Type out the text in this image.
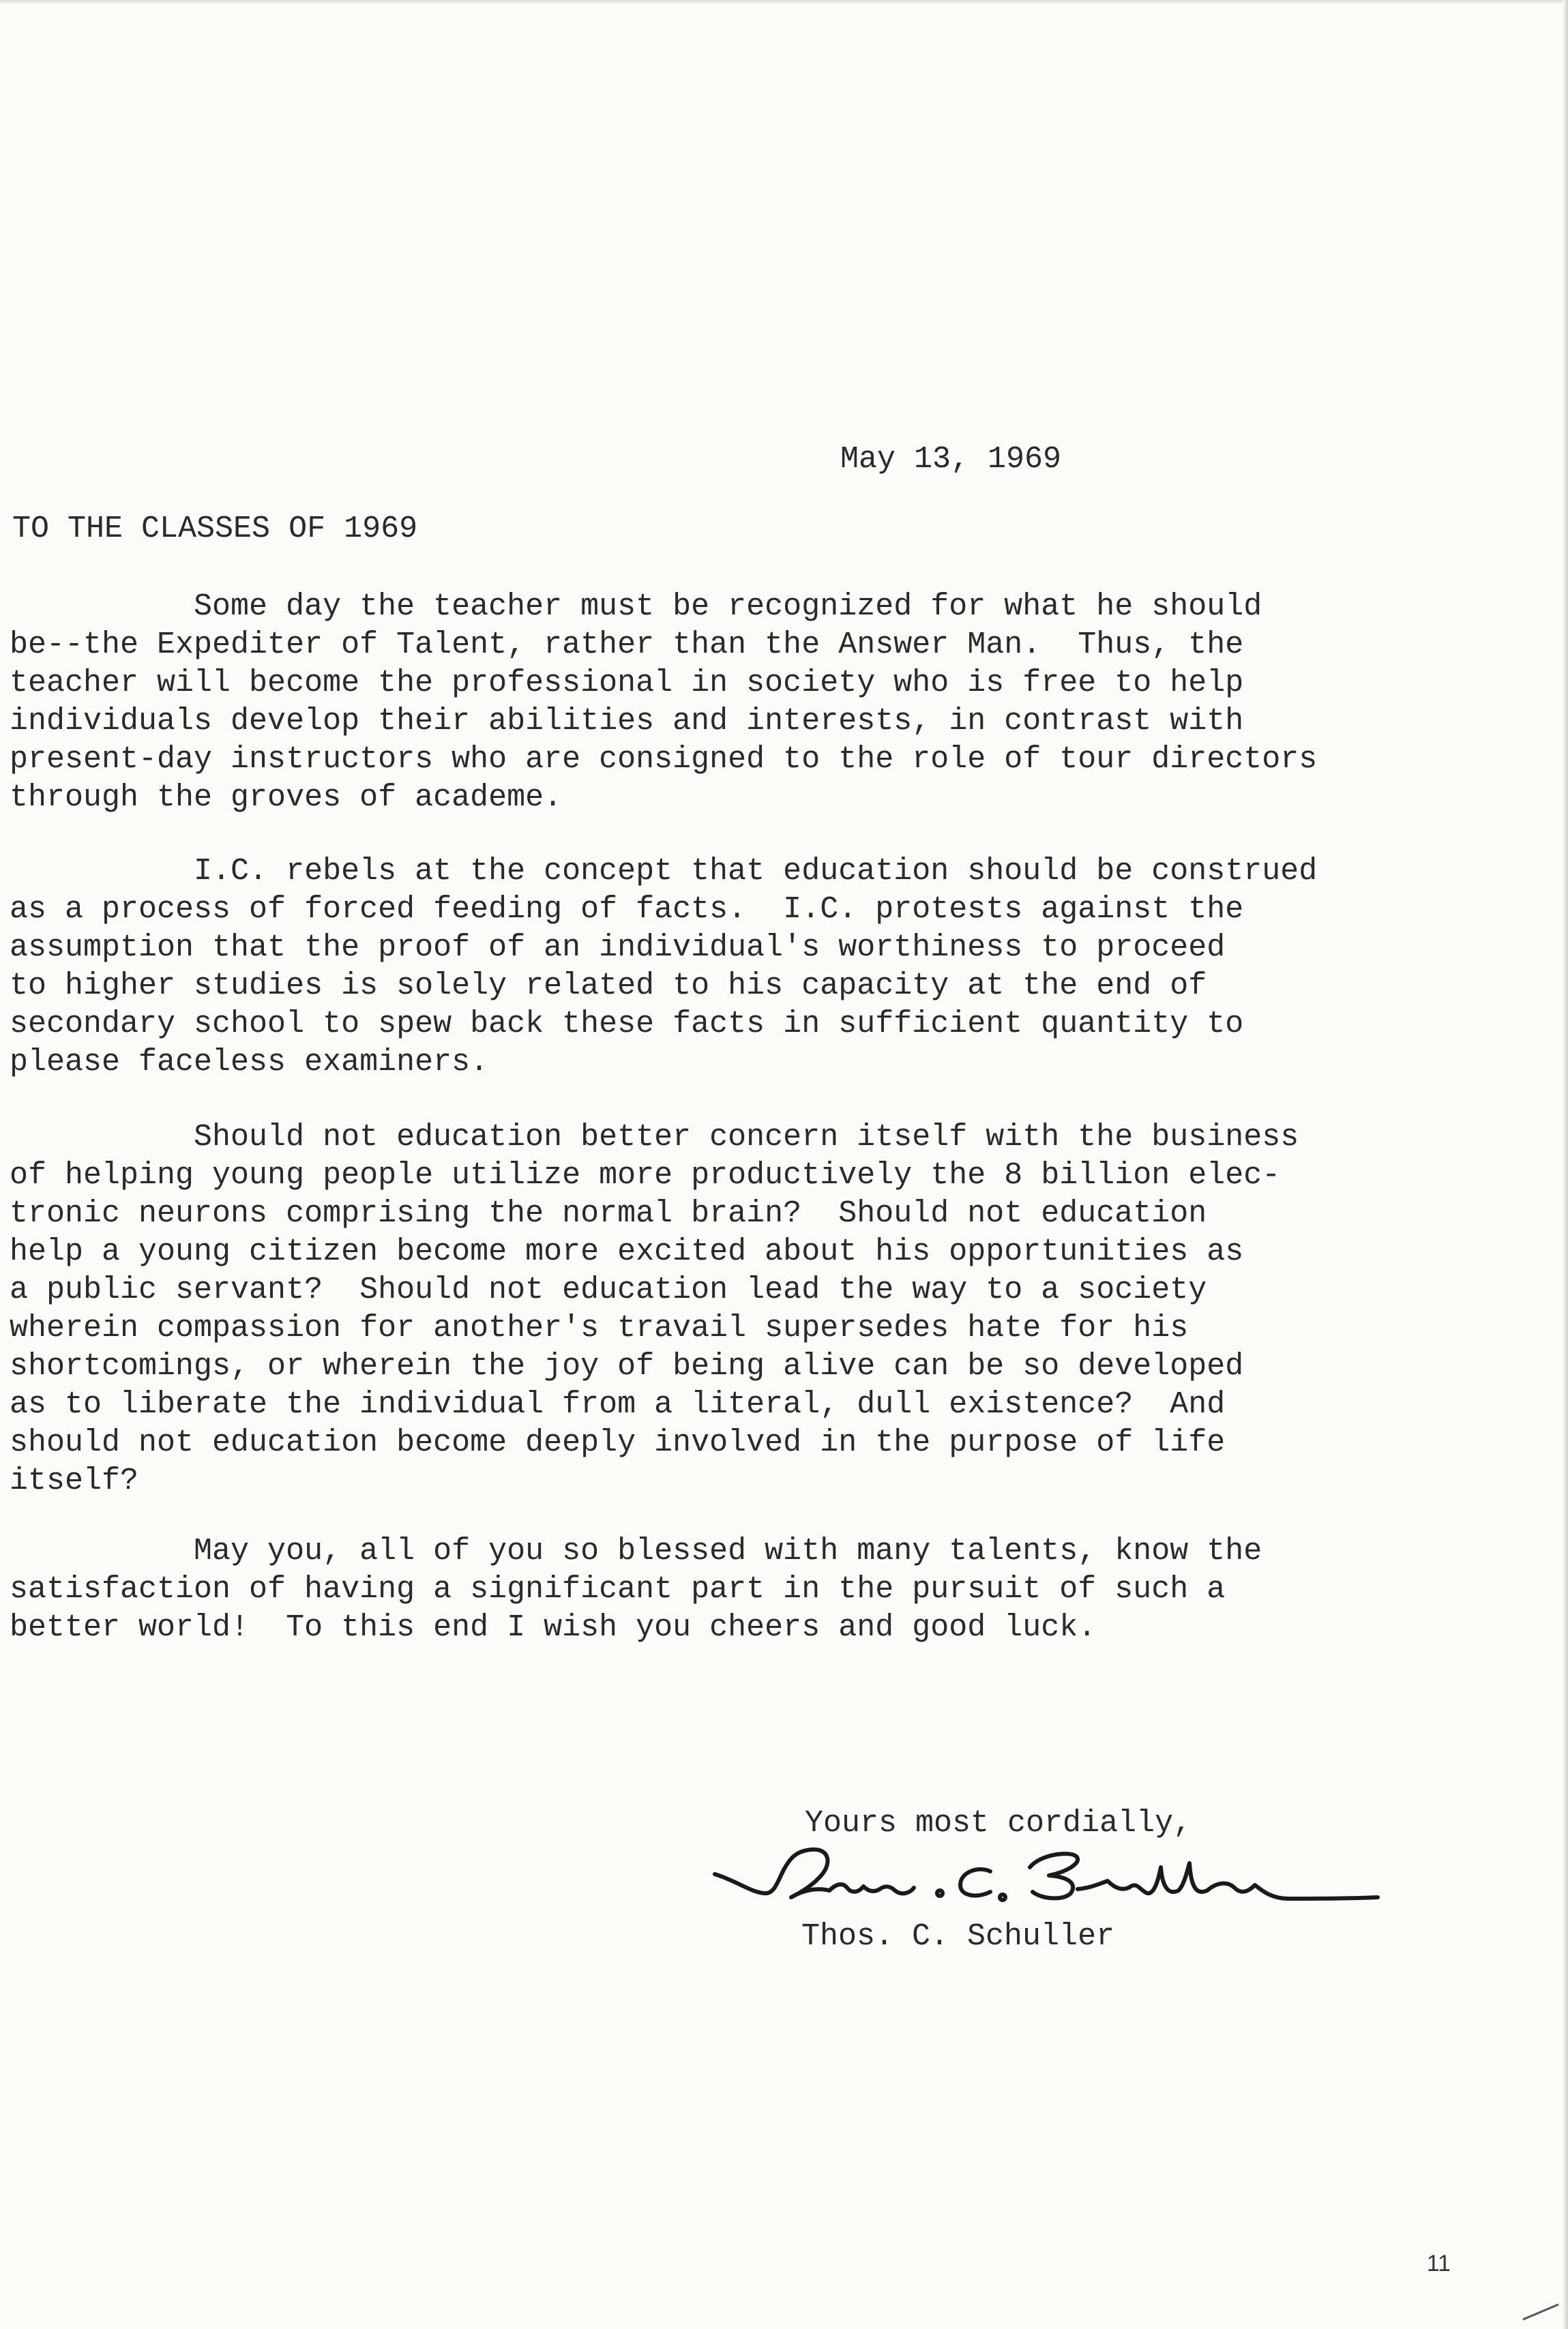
May 13, 1969

TO THE CLASSES OF 1969

Some day the teacher must be recognized for what he should
be--the Expediter of Talent, rather than the Answer Man.  Thus, the
teacher will become the professional in society who is free to help
individuals develop their abilities and interests, in contrast with
present-day instructors who are consigned to the role of tour directors
through the groves of academe.
I.C. rebels at the concept that education should be construed
as a process of forced feeding of facts.  I.C. protests against the
assumption that the proof of an individual's worthiness to proceed
to higher studies is solely related to his capacity at the end of
secondary school to spew back these facts in sufficient quantity to
please faceless examiners.
Should not education better concern itself with the business
of helping young people utilize more productively the 8 billion elec-
tronic neurons comprising the normal brain?  Should not education
help a young citizen become more excited about his opportunities as
a public servant?  Should not education lead the way to a society
wherein compassion for another's travail supersedes hate for his
shortcomings, or wherein the joy of being alive can be so developed
as to liberate the individual from a literal, dull existence?  And
should not education become deeply involved in the purpose of life
itself?
May you, all of you so blessed with many talents, know the
satisfaction of having a significant part in the pursuit of such a
better world!  To this end I wish you cheers and good luck.

Yours most cordially,

Thos. C. Schuller

11
